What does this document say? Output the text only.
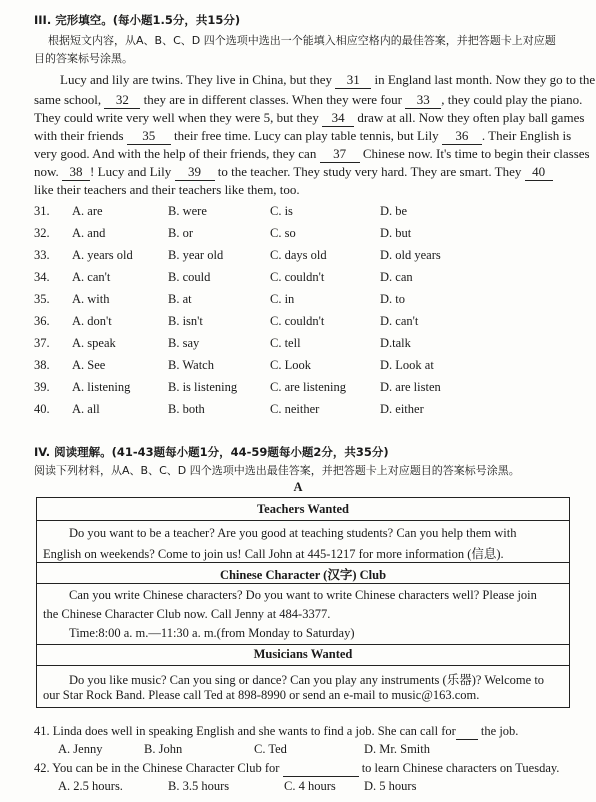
III. 完形填空。(每小题1.5分，共15分)
根据短文内容，从A、B、C、D 四个选项中选出一个能填入相应空格内的最佳答案，并把答题卡上对应题
目的答案标号涂黑。
Lucy and lily are twins. They live in China, but they 31 in England last month. Now they go to the
same school, 32 they are in different classes. When they were four 33 , they could play the piano.
They could write very well when they were 5, but they 34 draw at all. Now they often play ball games
with their friends 35 their free time. Lucy can play table tennis, but Lily 36 . Their English is
very good. And with the help of their friends, they can 37 Chinese now. It's time to begin their classes
now. 38 ! Lucy and Lily 39 to the teacher. They study very hard. They are smart. They 40
like their teachers and their teachers like them, too.
31. A. are	B. were	C. is	D. be
32. A. and	B. or	C. so	D. but
33. A. years old	B. year old	C. days old	D. old years
34. A. can't	B. could	C. couldn't	D. can
35. A. with	B. at	C. in	D. to
36. A. don't	B. isn't	C. couldn't	D. can't
37. A. speak	B. say	C. tell	D.talk
38. A. See	B. Watch	C. Look	D. Look at
39. A. listening	B. is listening	C. are listening	D. are listen
40. A. all	B. both	C. neither	D. either
IV. 阅读理解。(41-43题每小题1分，44-59题每小题2分，共35分)
阅读下列材料，从A、B、C、D 四个选项中选出最佳答案，并把答题卡上对应题目的答案标号涂黑。
A
Teachers Wanted
Do you want to be a teacher? Are you good at teaching students? Can you help them with
English on weekends? Come to join us! Call John at 445-1217 for more information (信息).
Chinese Character (汉字) Club
Can you write Chinese characters? Do you want to write Chinese characters well? Please join
the Chinese Character Club now. Call Jenny at 484-3377.
Time:8:00 a. m.—11:30 a. m.(from Monday to Saturday)
Musicians Wanted
Do you like music? Can you sing or dance? Can you play any instruments (乐器)? Welcome to
our Star Rock Band. Please call Ted at 898-8990 or send an e-mail to music@163.com.
41. Linda does well in speaking English and she wants to find a job. She can call for  the job.
A. Jenny	B. John	C. Ted	D. Mr. Smith
42. You can be in the Chinese Character Club for	to learn Chinese characters on Tuesday.
A. 2.5 hours.	B. 3.5 hours	C. 4 hours D. 5 hours
